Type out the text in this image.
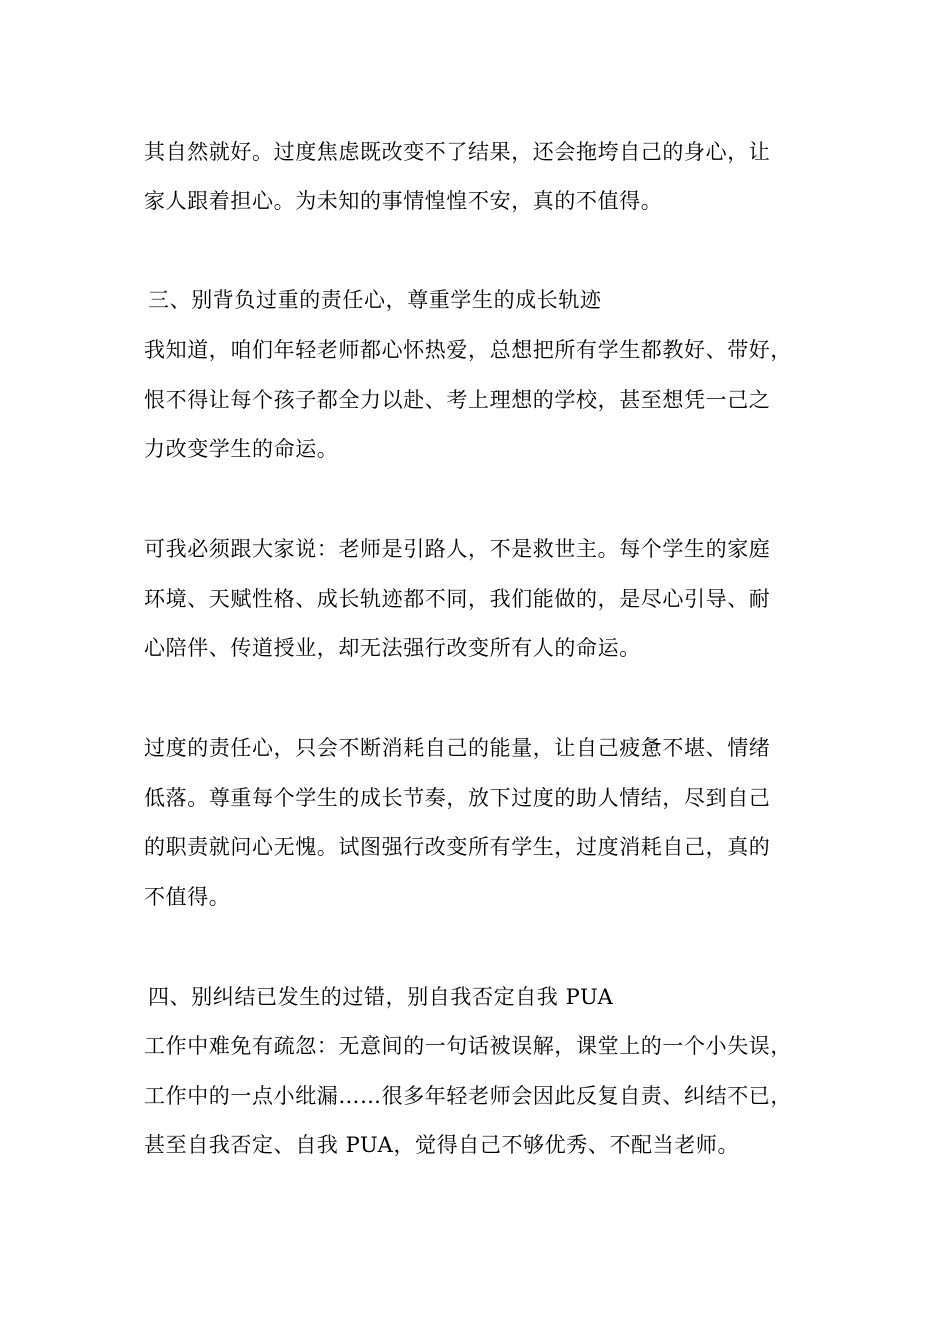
其自然就好。过度焦虑既改变不了结果，还会拖垮自己的身心，让
家人跟着担心。为未知的事情惶惶不安，真的不值得。
三、别背负过重的责任心，尊重学生的成长轨迹
我知道，咱们年轻老师都心怀热爱，总想把所有学生都教好、带好，
恨不得让每个孩子都全力以赴、考上理想的学校，甚至想凭一己之
力改变学生的命运。
可我必须跟大家说：老师是引路人，不是救世主。每个学生的家庭
环境、天赋性格、成长轨迹都不同，我们能做的，是尽心引导、耐
心陪伴、传道授业，却无法强行改变所有人的命运。
过度的责任心，只会不断消耗自己的能量，让自己疲惫不堪、情绪
低落。尊重每个学生的成长节奏，放下过度的助人情结，尽到自己
的职责就问心无愧。试图强行改变所有学生，过度消耗自己，真的
不值得。
四、别纠结已发生的过错，别自我否定自我 PUA
工作中难免有疏忽：无意间的一句话被误解，课堂上的一个小失误，
工作中的一点小纰漏……很多年轻老师会因此反复自责、纠结不已，
甚至自我否定、自我 PUA，觉得自己不够优秀、不配当老师。
